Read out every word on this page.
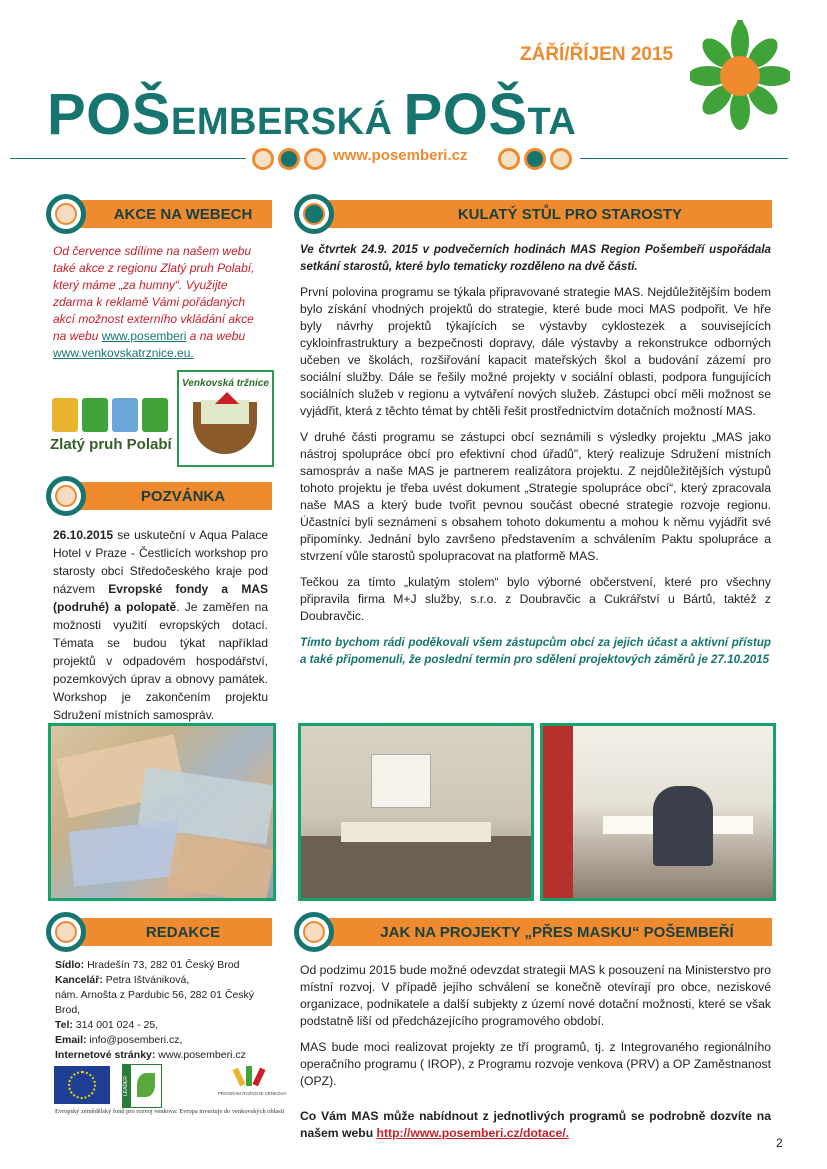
ZÁŘÍ/ŘÍJEN 2015
POŠEMBERSKÁ POŠTA
www.posemberi.cz
AKCE NA WEBECH
Od července sdílíme na našem webu také akce z regionu Zlatý pruh Polabí, který máme „za humny“. Využijte zdarma k reklamě Vámi pořádaných akcí možnost externího vkládání akce na webu www.posemberi a na webu www.venkovskatrznice.eu.
Zlatý pruh Polabí
Venkovská tržnice
POZVÁNKA
26.10.2015 se uskuteční v Aqua Palace Hotel v Praze - Čestlicích workshop pro starosty obcí Středočeského kraje pod názvem Evropské fondy a MAS (podruhé) a polopatě. Je zaměřen na možnosti využití evropských dotací. Témata se budou týkat například projektů v odpadovém hospodářství, pozemkových úprav a obnovy památek. Workshop je zakončením projektu Sdružení místních samospráv.
KULATÝ STŮL PRO STAROSTY
Ve čtvrtek 24.9. 2015 v podvečerních hodinách MAS Region Pošembeří uspořádala setkání starostů, které bylo tematicky rozděleno na dvě části.
První polovina programu se týkala připravované strategie MAS. Nejdůležitějším bodem bylo získání vhodných projektů do strategie, které bude moci MAS podpořit. Ve hře byly návrhy projektů týkajících se výstavby cyklostezek a souvisejících cykloinfrastruktury a bezpečnosti dopravy, dále výstavby a rekonstrukce odborných učeben ve školách, rozšiřování kapacit mateřských škol a budování zázemí pro sociální služby. Dále se řešily možné projekty v sociální oblasti, podpora fungujících sociálních služeb v regionu a vytváření nových služeb. Zástupci obcí měli možnost se vyjádřit, která z těchto témat by chtěli řešit prostřednictvím dotačních možností MAS.
V druhé části programu se zástupci obcí seznámili s výsledky projektu „MAS jako nástroj spolupráce obcí pro efektivní chod úřadů", který realizuje Sdružení místních samospráv a naše MAS je partnerem realizátora projektu. Z nejdůležitějších výstupů tohoto projektu je třeba uvést dokument „Strategie spolupráce obcí“, který zpracovala naše MAS a který bude tvořit pevnou součást obecné strategie rozvoje regionu. Účastníci byli seznámeni s obsahem tohoto dokumentu a mohou k němu vyjádřit své připomínky. Jednání bylo završeno představením a schválením Paktu spolupráce a stvrzení vůle starostů spolupracovat na platformě MAS.
Tečkou za tímto „kulatým stolem“ bylo výborné občerstvení, které pro všechny připravila firma M+J služby, s.r.o. z Doubravčic a Cukrářství u Bártů, taktéž z Doubravčic.
Tímto bychom rádi poděkovali všem zástupcům obcí za jejich účast a aktivní přístup a také připomenuli, že poslední termín pro sdělení projektových záměrů je 27.10.2015
REDAKCE
Sídlo: Hradešín 73, 282 01 Český Brod
Kancelář: Petra Ištvániková,
nám. Arnošta z Pardubic 56, 282 01 Český Brod,
Tel: 314 001 024 - 25,
Email: info@posemberi.cz,
Internetové stránky: www.posemberi.cz
LEADER	PROGRAM ROZVOJE VENKOVA
Evropský zemědělský fond pro rozvoj venkova: Evropa investuje do venkovských oblastí
JAK NA PROJEKTY „PŘES MASKU“ POŠEMBEŘÍ
Od podzimu 2015 bude možné odevzdat strategii MAS k posouzení na Ministerstvo pro místní rozvoj. V případě jejího schválení se konečně otevírají pro obce, neziskové organizace, podnikatele a další subjekty z území nové dotační možnosti, které se však podstatně liší od předcházejícího programového období.
MAS bude moci realizovat projekty ze tří programů, tj. z Integrovaného regionálního operačního programu ( IROP), z Programu rozvoje venkova (PRV) a OP Zaměstnanost (OPZ).
Co Vám MAS může nabídnout z jednotlivých programů se podrobně dozvíte na našem webu http://www.posemberi.cz/dotace/.
2
